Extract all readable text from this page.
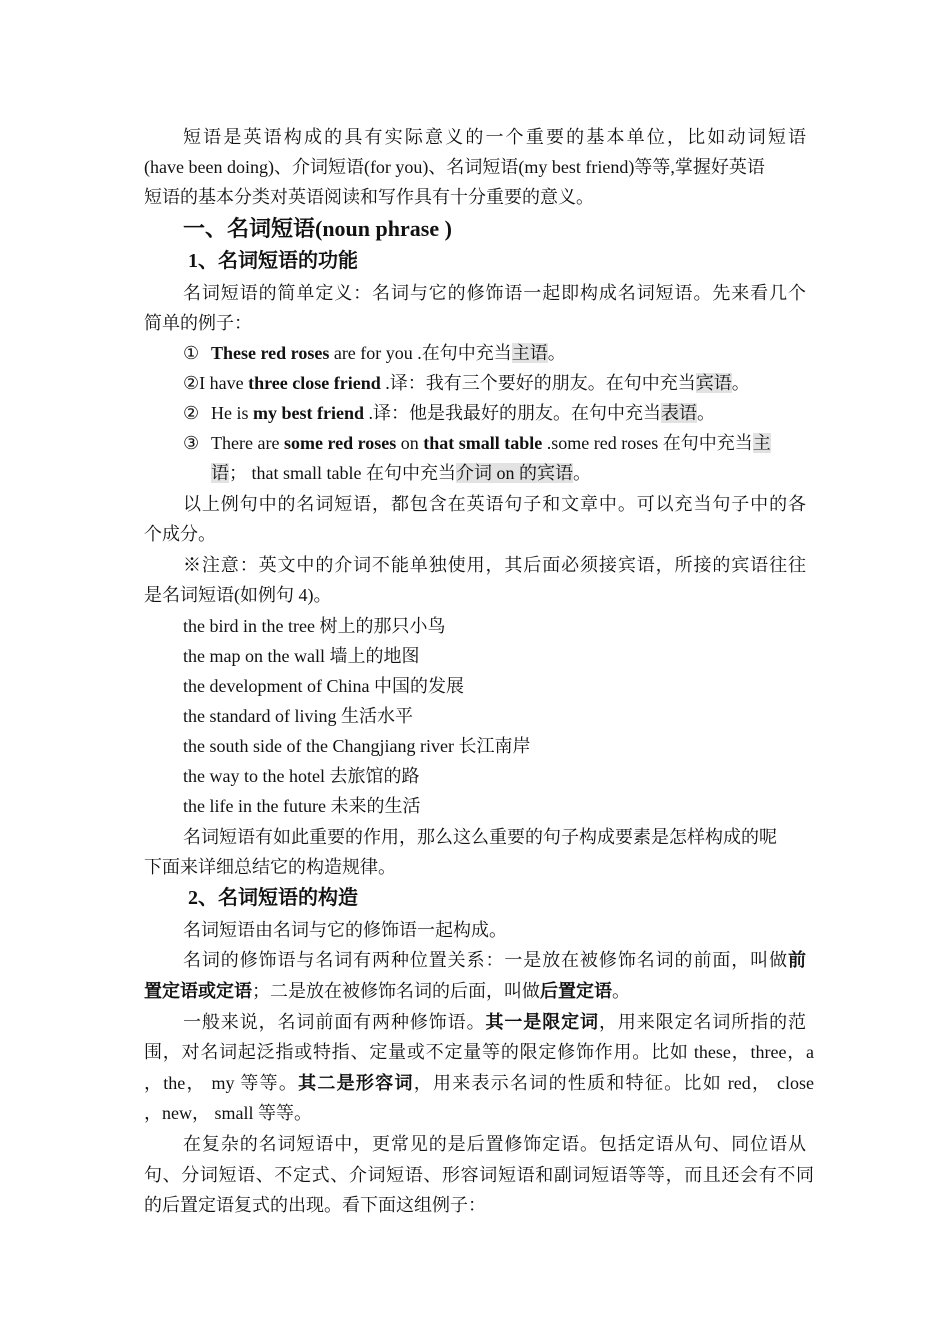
短语是英语构成的具有实际意义的一个重要的基本单位，比如动词短语
(have been doing)、介词短语(for you)、名词短语(my best friend)等等,掌握好英语
短语的基本分类对英语阅读和写作具有十分重要的意义。
一、名词短语(noun phrase )
1、名词短语的功能
名词短语的简单定义：名词与它的修饰语一起即构成名词短语。先来看几个
简单的例子：
① These red roses are for you .在句中充当主语。
②I have three close friend .译：我有三个要好的朋友。在句中充当宾语。
② He is my best friend .译：他是我最好的朋友。在句中充当表语。
③ There are some red roses on that small table .some red roses 在句中充当主
语； that small table 在句中充当介词 on 的宾语。
以上例句中的名词短语，都包含在英语句子和文章中。可以充当句子中的各
个成分。
※注意：英文中的介词不能单独使用，其后面必须接宾语，所接的宾语往往
是名词短语(如例句 4)。
the bird in the tree 树上的那只小鸟
the map on the wall 墙上的地图
the development of China 中国的发展
the standard of living 生活水平
the south side of the Changjiang river 长江南岸
the way to the hotel 去旅馆的路
the life in the future 未来的生活
名词短语有如此重要的作用，那么这么重要的句子构成要素是怎样构成的呢
下面来详细总结它的构造规律。
2、名词短语的构造
名词短语由名词与它的修饰语一起构成。
名词的修饰语与名词有两种位置关系：一是放在被修饰名词的前面，叫做前
置定语或定语；二是放在被修饰名词的后面，叫做后置定语。
一般来说，名词前面有两种修饰语。其一是限定词，用来限定名词所指的范
围，对名词起泛指或特指、定量或不定量等的限定修饰作用。比如 these，three，a
，the， my 等等。其二是形容词，用来表示名词的性质和特征。比如 red， close
，new， small 等等。
在复杂的名词短语中，更常见的是后置修饰定语。包括定语从句、同位语从
句、分词短语、不定式、介词短语、形容词短语和副词短语等等，而且还会有不同
的后置定语复式的出现。看下面这组例子：
